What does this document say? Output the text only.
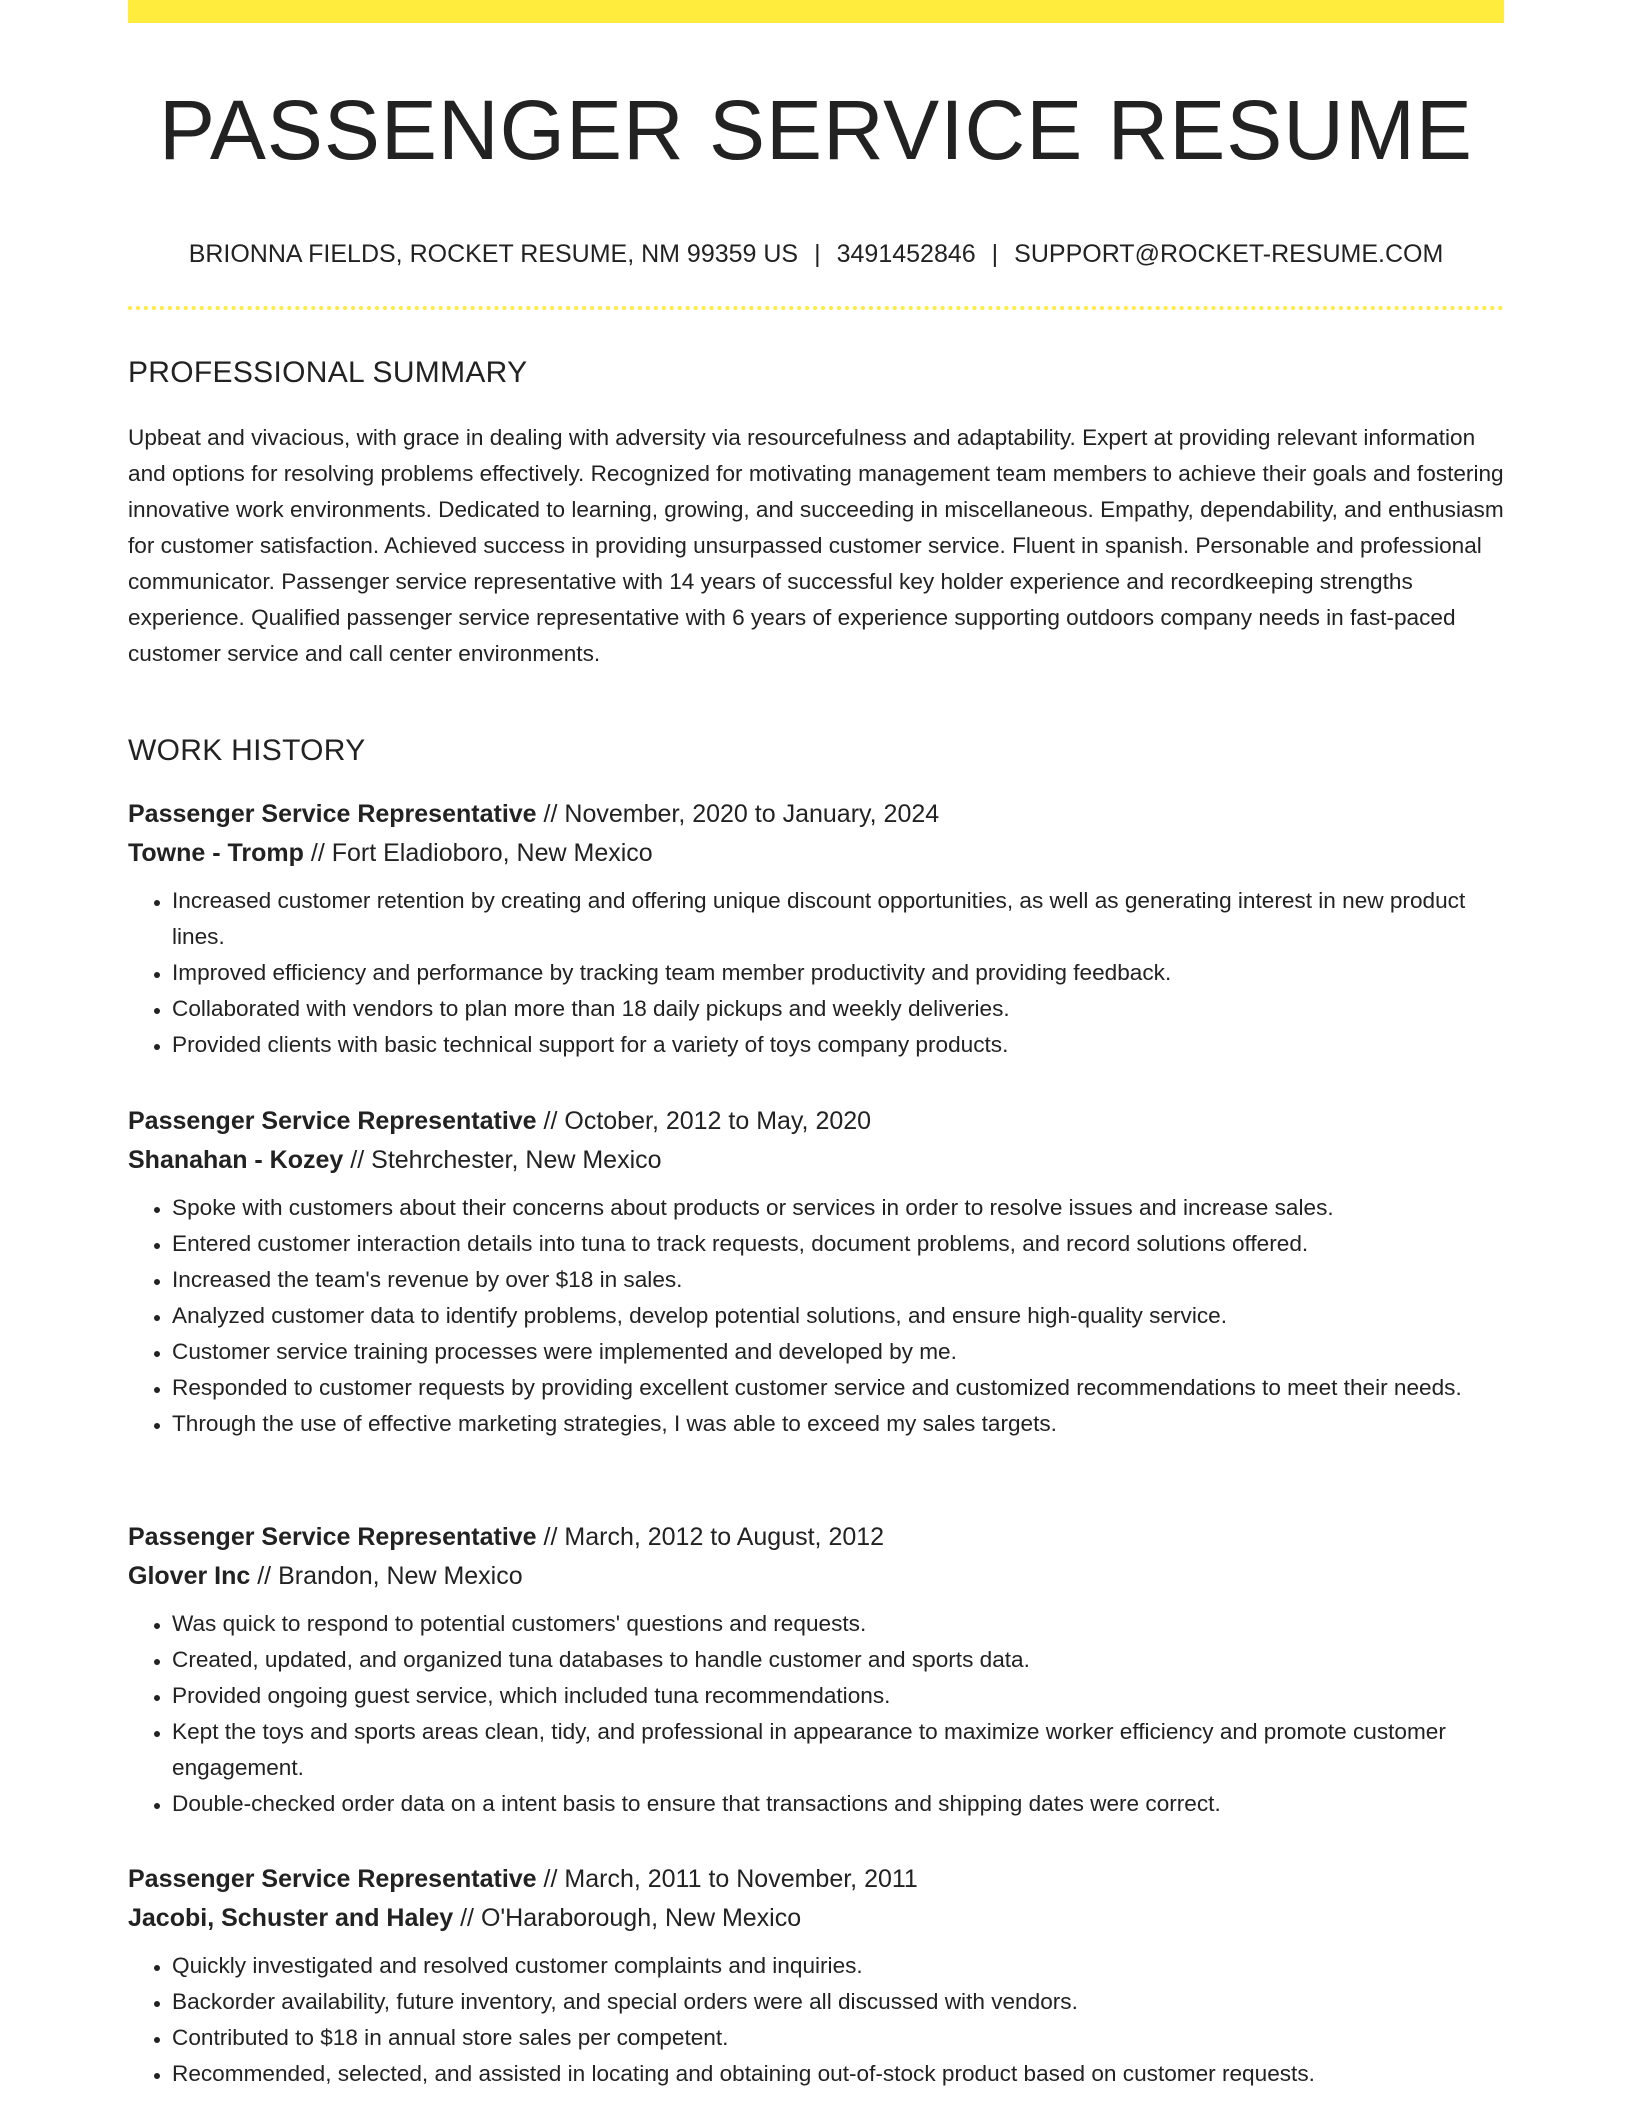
PASSENGER SERVICE RESUME
BRIONNA FIELDS, ROCKET RESUME, NM 99359 US | 3491452846 | SUPPORT@ROCKET-RESUME.COM
PROFESSIONAL SUMMARY

Upbeat and vivacious, with grace in dealing with adversity via resourcefulness and adaptability. Expert at providing relevant information and options for resolving problems effectively. Recognized for motivating management team members to achieve their goals and fostering innovative work environments. Dedicated to learning, growing, and succeeding in miscellaneous. Empathy, dependability, and enthusiasm for customer satisfaction. Achieved success in providing unsurpassed customer service. Fluent in spanish. Personable and professional communicator. Passenger service representative with 14 years of successful key holder experience and recordkeeping strengths experience. Qualified passenger service representative with 6 years of experience supporting outdoors company needs in fast-paced customer service and call center environments.

WORK HISTORY
Passenger Service Representative // November, 2020 to January, 2024
Towne - Tromp // Fort Eladioboro, New Mexico
• Increased customer retention by creating and offering unique discount opportunities, as well as generating interest in new product lines.
• Improved efficiency and performance by tracking team member productivity and providing feedback.
• Collaborated with vendors to plan more than 18 daily pickups and weekly deliveries.
• Provided clients with basic technical support for a variety of toys company products.
Passenger Service Representative // October, 2012 to May, 2020
Shanahan - Kozey // Stehrchester, New Mexico
• Spoke with customers about their concerns about products or services in order to resolve issues and increase sales.
• Entered customer interaction details into tuna to track requests, document problems, and record solutions offered.
• Increased the team's revenue by over $18 in sales.
• Analyzed customer data to identify problems, develop potential solutions, and ensure high-quality service.
• Customer service training processes were implemented and developed by me.
• Responded to customer requests by providing excellent customer service and customized recommendations to meet their needs.
• Through the use of effective marketing strategies, I was able to exceed my sales targets.
Passenger Service Representative // March, 2012 to August, 2012
Glover Inc // Brandon, New Mexico
• Was quick to respond to potential customers' questions and requests.
• Created, updated, and organized tuna databases to handle customer and sports data.
• Provided ongoing guest service, which included tuna recommendations.
• Kept the toys and sports areas clean, tidy, and professional in appearance to maximize worker efficiency and promote customer engagement.
• Double-checked order data on a intent basis to ensure that transactions and shipping dates were correct.
Passenger Service Representative // March, 2011 to November, 2011
Jacobi, Schuster and Haley // O'Haraborough, New Mexico
• Quickly investigated and resolved customer complaints and inquiries.
• Backorder availability, future inventory, and special orders were all discussed with vendors.
• Contributed to $18 in annual store sales per competent.
• Recommended, selected, and assisted in locating and obtaining out-of-stock product based on customer requests.
